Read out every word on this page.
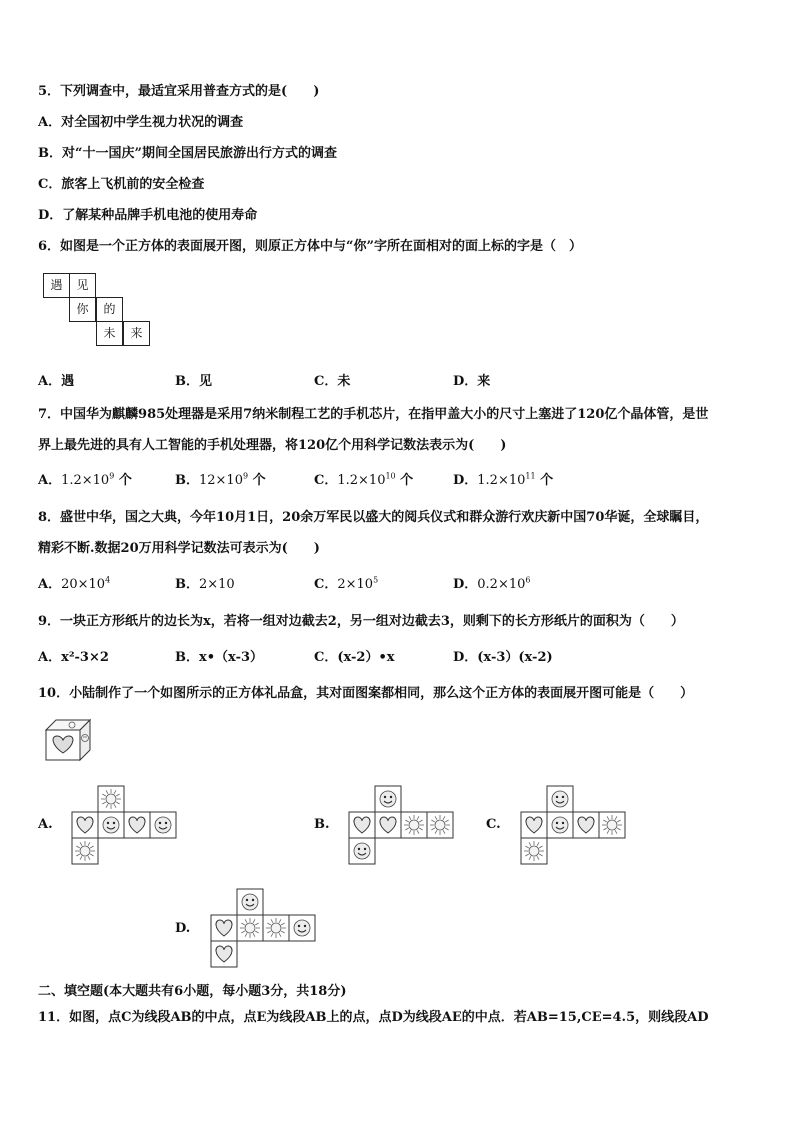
5．下列调查中，最适宜采用普查方式的是(　　)
A．对全国初中学生视力状况的调查
B．对“十一国庆”期间全国居民旅游出行方式的调查
C．旅客上飞机前的安全检查
D．了解某种品牌手机电池的使用寿命
6．如图是一个正方体的表面展开图，则原正方体中与“你”字所在面相对的面上标的字是（　）
遇	见
你	的
未	来
A．遇	B．见	C．未	D．来
7．中国华为麒麟985处理器是采用7纳米制程工艺的手机芯片，在指甲盖大小的尺寸上塞进了120亿个晶体管，是世
界上最先进的具有人工智能的手机处理器，将120亿个用科学记数法表示为(　　)
A．$1.2\times 10^9$ 个	B．$12\times 10^9$ 个	C．$1.2\times 10^{10}$ 个	D．$1.2\times 10^{11}$ 个
8．盛世中华，国之大典，今年10月1日，20余万军民以盛大的阅兵仪式和群众游行欢庆新中国70华诞，全球瞩目，
精彩不断.数据20万用科学记数法可表示为(　　)
A．$20\times 10^4$	B．2×10	C．$2\times 10^5$	D．$0.2\times 10^6$
9．一块正方形纸片的边长为x，若将一组对边截去2，另一组对边截去3，则剩下的长方形纸片的面积为（　　）
A．x²-3×2	B．x•（x-3）	C．(x-2）•x	D．(x-3）(x-2)
10．小陆制作了一个如图所示的正方体礼品盒，其对面图案都相同，那么这个正方体的表面展开图可能是（　　）
A.	B.	C.
D.
二、填空题(本大题共有6小题，每小题3分，共18分)
11．如图，点C为线段AB的中点，点E为线段AB上的点，点D为线段AE的中点．若AB=15,CE=4.5，则线段AD
